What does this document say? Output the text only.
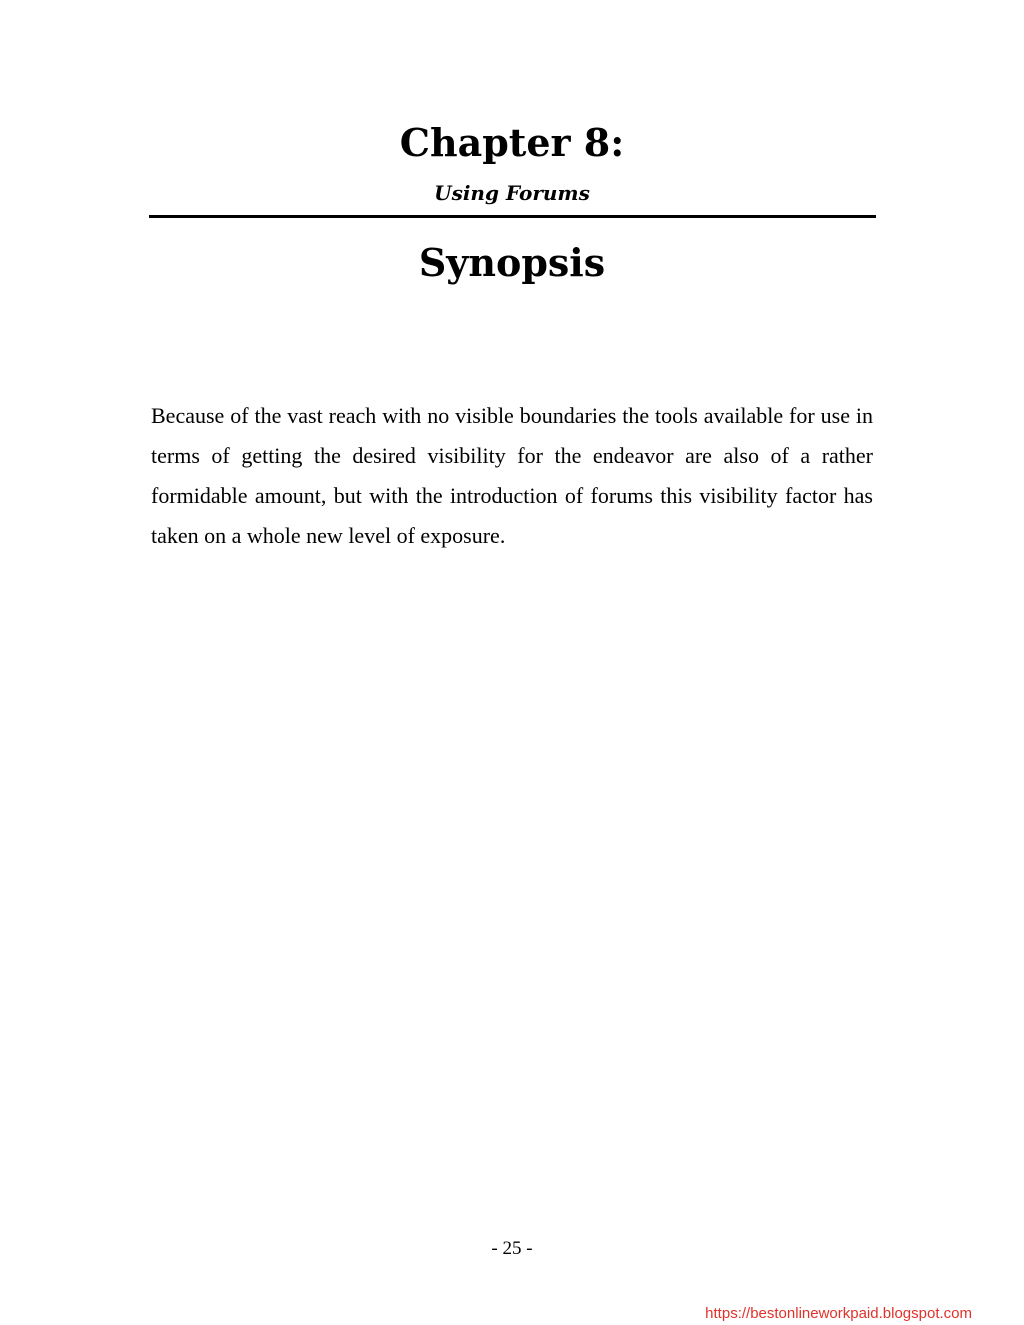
Chapter 8:
Using Forums
Synopsis

Because of the vast reach with no visible boundaries the tools available for use in terms of getting the desired visibility for the endeavor are also of a rather formidable amount, but with the introduction of forums this visibility factor has taken on a whole new level of exposure.

- 25 -
https://bestonlineworkpaid.blogspot.com
